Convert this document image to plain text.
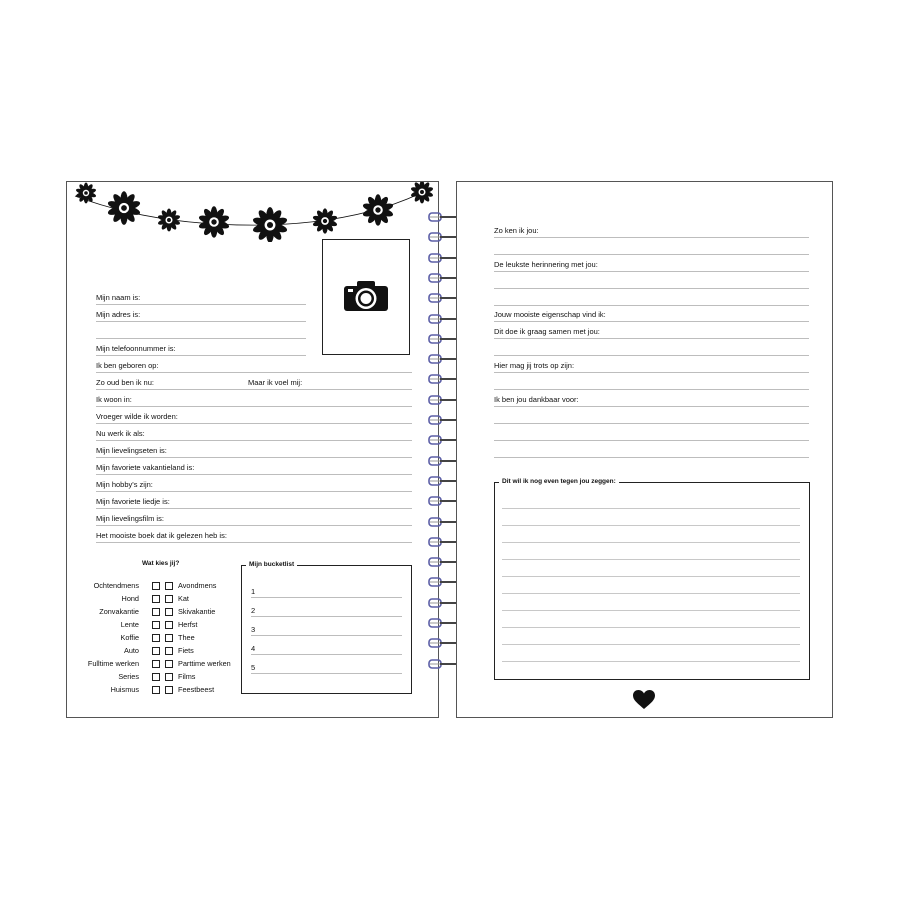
Mijn naam is:
Mijn adres is:
Mijn telefoonnummer is:
Ik ben geboren op:
Zo oud ben ik nu:	Maar ik voel mij:
Ik woon in:
Vroeger wilde ik worden:
Nu werk ik als:
Mijn lievelingseten is:
Mijn favoriete vakantieland is:
Mijn hobby's zijn:
Mijn favoriete liedje is:
Mijn lievelingsfilm is:
Het mooiste boek dat ik gelezen heb is:
Wat kies jij?
Ochtendmens	Avondmens
Hond	Kat
Zonvakantie	Skivakantie
Lente	Herfst
Koffie	Thee
Auto	Fiets
Fulltime werken	Parttime werken
Series	Films
Huismus	Feestbeest
Mijn bucketlist
1
2
3
4
5
Zo ken ik jou:
De leukste herinnering met jou:
Jouw mooiste eigenschap vind ik:
Dit doe ik graag samen met jou:
Hier mag jij trots op zijn:
Ik ben jou dankbaar voor:
Dit wil ik nog even tegen jou zeggen:
